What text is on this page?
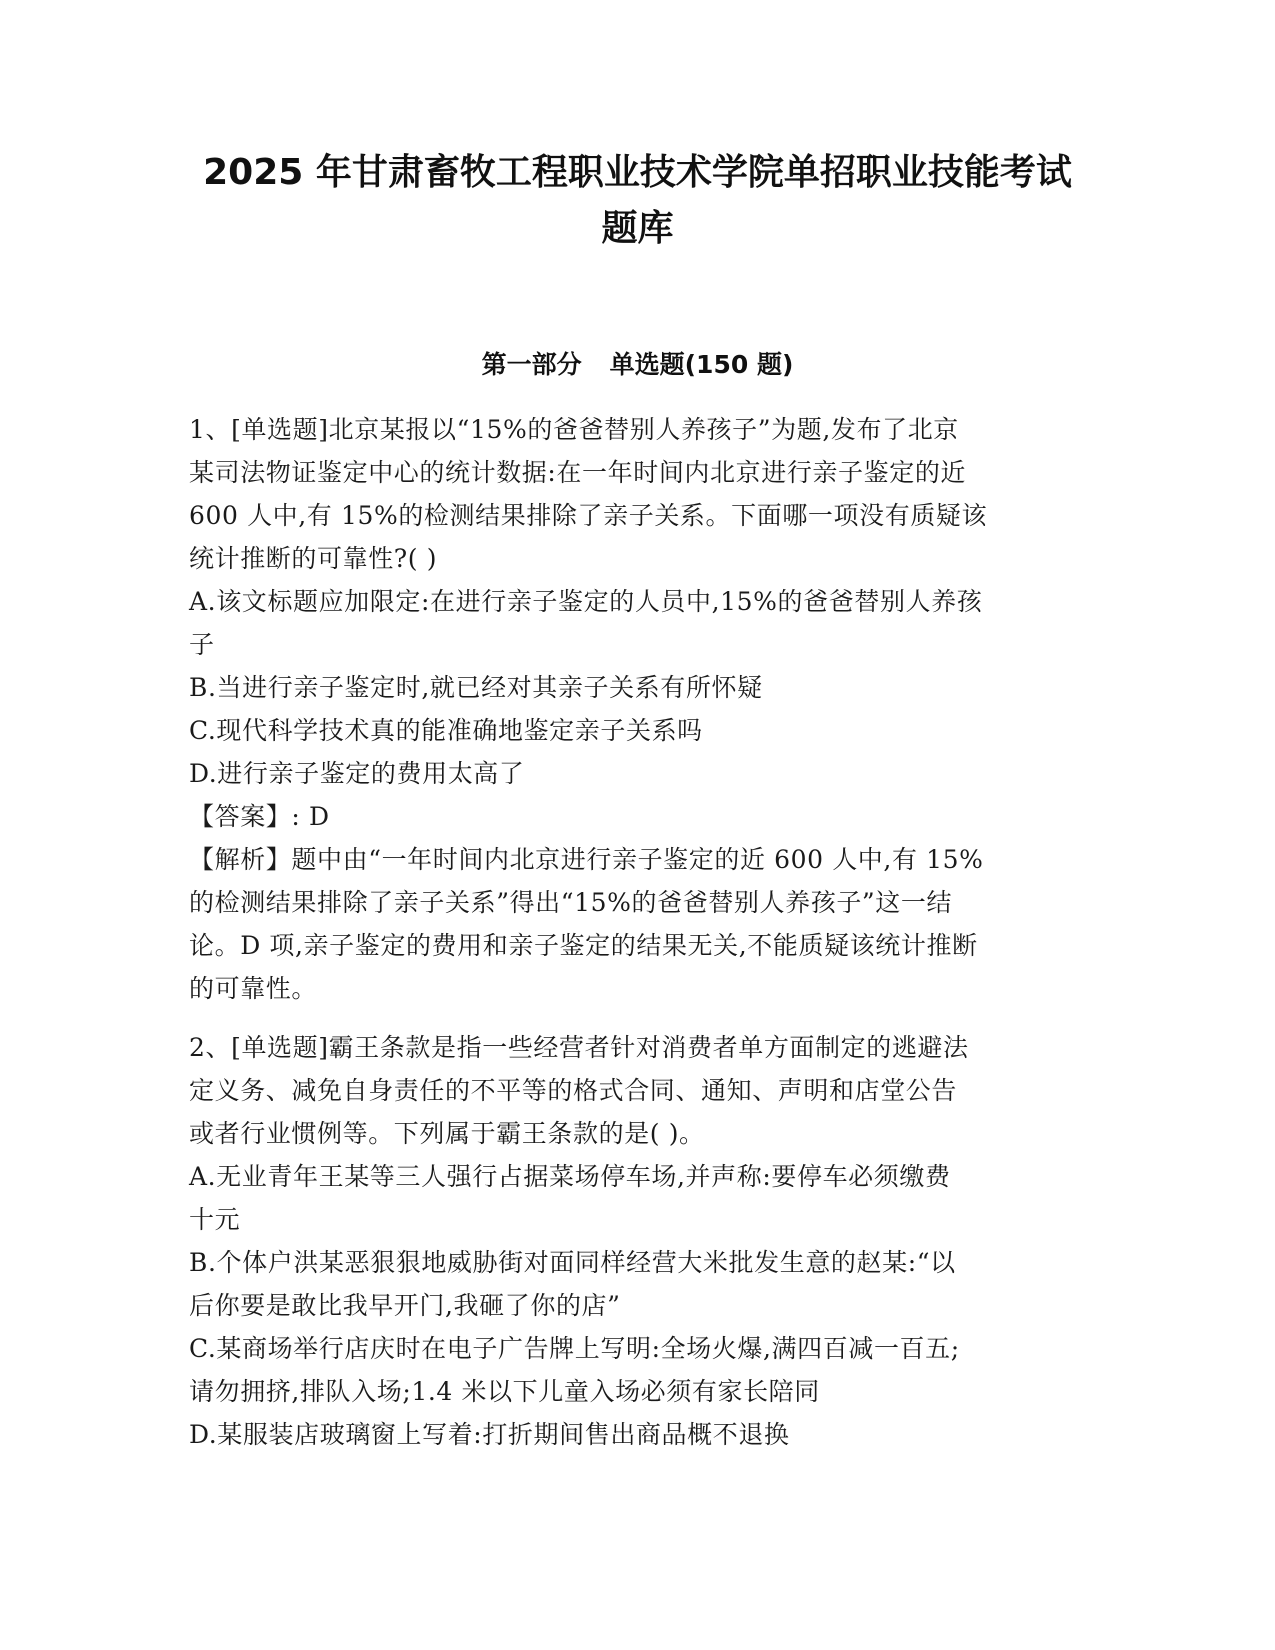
2025 年甘肃畜牧工程职业技术学院单招职业技能考试
题库
第一部分 单选题(150 题)

1、[单选题]北京某报以“15%的爸爸替别人养孩子”为题,发布了北京

某司法物证鉴定中心的统计数据:在一年时间内北京进行亲子鉴定的近

600 人中,有 15%的检测结果排除了亲子关系。下面哪一项没有质疑该

统计推断的可靠性?( )

A.该文标题应加限定:在进行亲子鉴定的人员中,15%的爸爸替别人养孩

子

B.当进行亲子鉴定时,就已经对其亲子关系有所怀疑

C.现代科学技术真的能准确地鉴定亲子关系吗

D.进行亲子鉴定的费用太高了

【答案】: D

【解析】题中由“一年时间内北京进行亲子鉴定的近 600 人中,有 15%

的检测结果排除了亲子关系”得出“15%的爸爸替别人养孩子”这一结

论。D 项,亲子鉴定的费用和亲子鉴定的结果无关,不能质疑该统计推断

的可靠性。

2、[单选题]霸王条款是指一些经营者针对消费者单方面制定的逃避法

定义务、减免自身责任的不平等的格式合同、通知、声明和店堂公告

或者行业惯例等。下列属于霸王条款的是( )。

A.无业青年王某等三人强行占据菜场停车场,并声称:要停车必须缴费

十元

B.个体户洪某恶狠狠地威胁街对面同样经营大米批发生意的赵某:“以

后你要是敢比我早开门,我砸了你的店”

C.某商场举行店庆时在电子广告牌上写明:全场火爆,满四百减一百五;

请勿拥挤,排队入场;1.4 米以下儿童入场必须有家长陪同

D.某服装店玻璃窗上写着:打折期间售出商品概不退换
